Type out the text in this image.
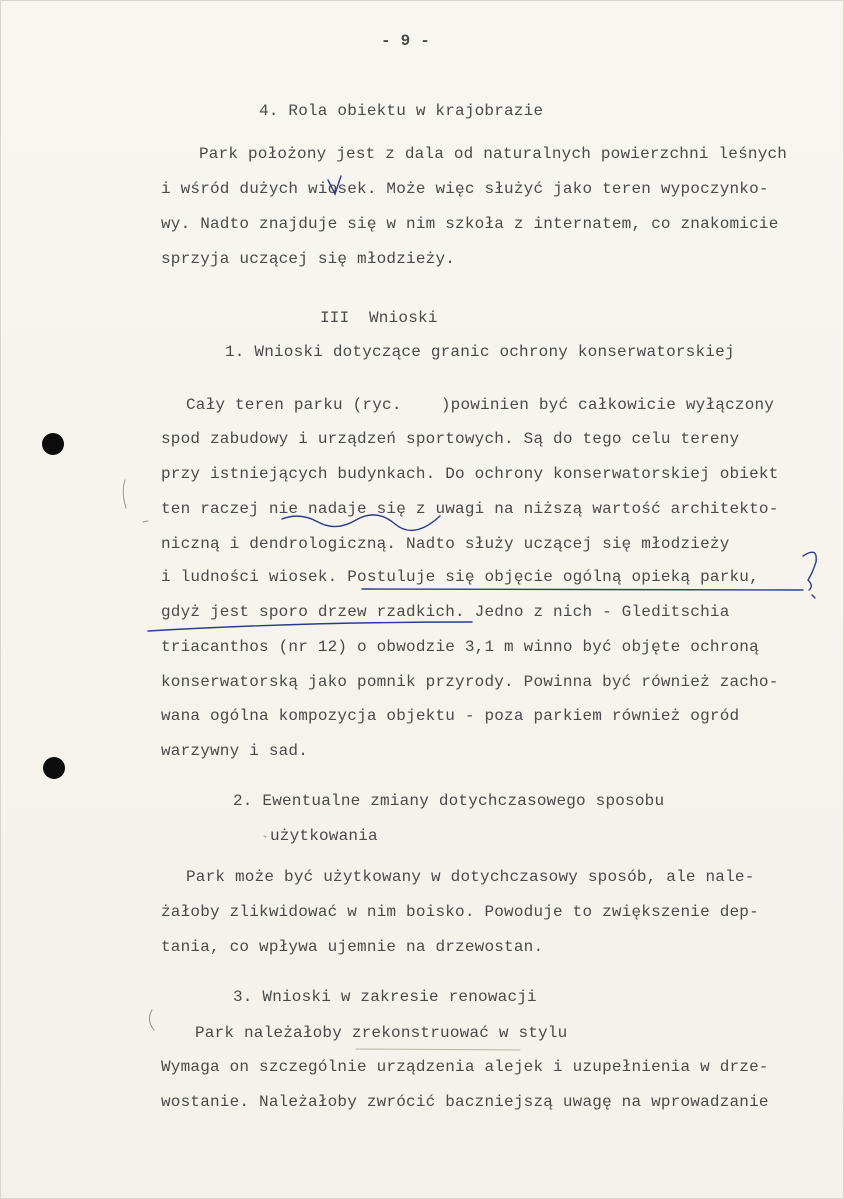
- 9 -
4. Rola obiektu w krajobrazie
Park położony jest z dala od naturalnych powierzchni leśnych
i wśród dużych wiosek. Może więc służyć jako teren wypoczynko-
wy. Nadto znajduje się w nim szkoła z internatem, co znakomicie
sprzyja uczącej się młodzieży.
III  Wnioski
1. Wnioski dotyczące granic ochrony konserwatorskiej
Cały teren parku (ryc.    )powinien być całkowicie wyłączony
spod zabudowy i urządzeń sportowych. Są do tego celu tereny
przy istniejących budynkach. Do ochrony konserwatorskiej obiekt
ten raczej nie nadaje się z uwagi na niższą wartość architekto-
niczną i dendrologiczną. Nadto służy uczącej się młodzieży
i ludności wiosek. Postuluje się objęcie ogólną opieką parku,
gdyż jest sporo drzew rzadkich. Jedno z nich - Gleditschia
triacanthos (nr 12) o obwodzie 3,1 m winno być objęte ochroną
konserwatorską jako pomnik przyrody. Powinna być również zacho-
wana ogólna kompozycja objektu - poza parkiem również ogród
warzywny i sad.
2. Ewentualne zmiany dotychczasowego sposobu
użytkowania
Park może być użytkowany w dotychczasowy sposób, ale nale-
żałoby zlikwidować w nim boisko. Powoduje to zwiększenie dep-
tania, co wpływa ujemnie na drzewostan.
3. Wnioski w zakresie renowacji
Park należałoby zrekonstruować w stylu
Wymaga on szczególnie urządzenia alejek i uzupełnienia w drze-
wostanie. Należałoby zwrócić baczniejszą uwagę na wprowadzanie
